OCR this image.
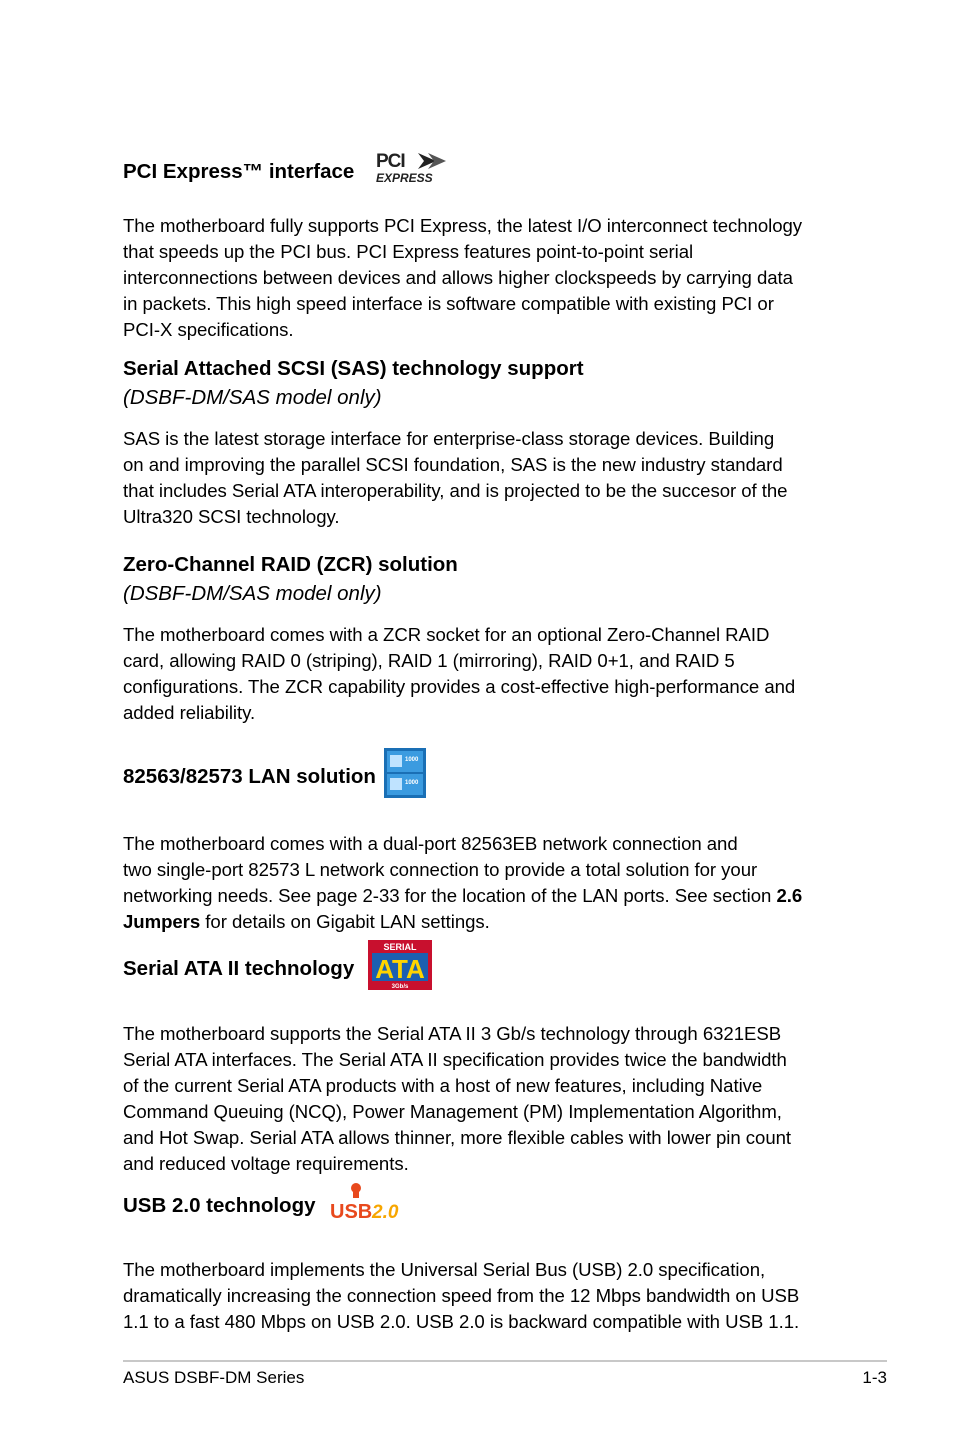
PCI Express™ interface PCI
EXPRESS
The motherboard fully supports PCI Express, the latest I/O interconnect technology
that speeds up the PCI bus. PCI Express features point-to-point serial
interconnections between devices and allows higher clockspeeds by carrying data
in packets. This high speed interface is software compatible with existing PCI or
PCI-X specifications.
Serial Attached SCSI (SAS) technology support
(DSBF-DM/SAS model only)
SAS is the latest storage interface for enterprise-class storage devices. Building
on and improving the parallel SCSI foundation, SAS is the new industry standard
that includes Serial ATA interoperability, and is projected to be the succesor of the
Ultra320 SCSI technology.
Zero-Channel RAID (ZCR) solution
(DSBF-DM/SAS model only)
The motherboard comes with a ZCR socket for an optional Zero-Channel RAID
card, allowing RAID 0 (striping), RAID 1 (mirroring), RAID 0+1, and RAID 5
configurations. The ZCR capability provides a cost-effective high-performance and
added reliability.
82563/82573 LAN solution
1000
1000
The motherboard comes with a dual-port 82563EB network connection and
two single-port 82573 L network connection to provide a total solution for your
networking needs. See page 2-33 for the location of the LAN ports. See section 2.6
Jumpers for details on Gigabit LAN settings.
Serial ATA II technology
SERIAL
ATA
3Gb/s
The motherboard supports the Serial ATA II 3 Gb/s technology through 6321ESB
Serial ATA interfaces. The Serial ATA II specification provides twice the bandwidth
of the current Serial ATA products with a host of new features, including Native
Command Queuing (NCQ), Power Management (PM) Implementation Algorithm,
and Hot Swap. Serial ATA allows thinner, more flexible cables with lower pin count
and reduced voltage requirements.
USB 2.0 technology USB 2.0
The motherboard implements the Universal Serial Bus (USB) 2.0 specification,
dramatically increasing the connection speed from the 12 Mbps bandwidth on USB
1.1 to a fast 480 Mbps on USB 2.0. USB 2.0 is backward compatible with USB 1.1.
ASUS DSBF-DM Series	1-3
